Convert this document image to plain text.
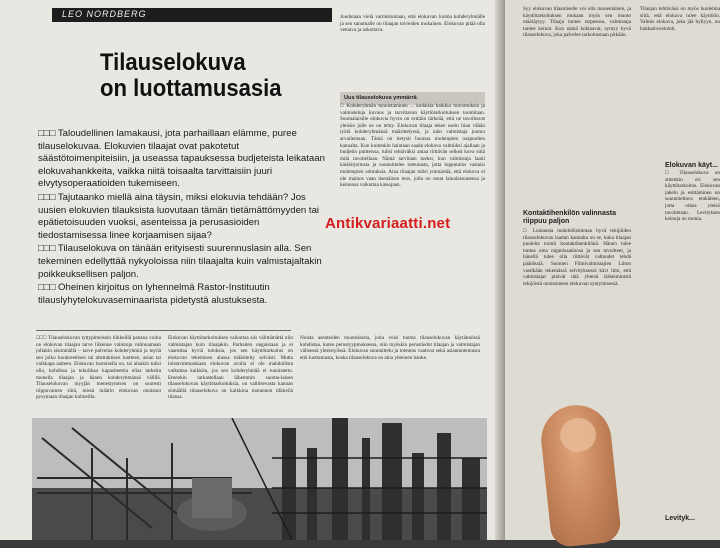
LEO NORDBERG
Tilauselokuva
on luottamusasia

□□□ Taloudellinen lamakausi, jota parhaillaan elämme, puree tilauselokuvaa. Elokuvien tilaajat ovat pakotetut säästötoimenpiteisiin, ja useassa tapauksessa budjeteista leikataan elokuvahankkeita, vaikka niitä toisaalta tarvittaisiin juuri elvytysoperaatioiden tukemiseen.

□□□ Tajutaanko miellä aina täysin, miksi elokuvia tehdään? Jos uusien elokuvien tilauksista luovutaan tämän tietämättömyyden tai epätietoisuuden vuoksi, asenteissa ja perusasioiden tiedostamisessa linee korjaamisen sijaa?

□□□ Tilauselokuva on tänään erityisesti suurennuslasin alla. Sen tekeminen edellyttää nykyoloissa niin tilaajalta kuin valmistajaltakin poikkeuksellisen paljon.

□□□ Oheinen kirjoitus on lyhennelmä Rastor-Instituutin tilauslyhytelokuvaseminaarista pidetystä alustuksesta.

Joudutaan vielä varmistumaan, että elokuvan luoma kohderyhmälle ja sen sanomalle on tilaajan toiveiden mukainen. Elokuvan pitää olla vetoava ja uskottava.

Uus tilauselokuva ymmärrä

□ Kohderyhmän tunnistaminen ... kodaisia kaikkia toivomuksia ja valmisteluja kuvaus ja tarvittavan käyttötarkoituksen tuomitaan. Suomalaisille elokuvia hyvin on erittäin tärkeää, että ne tavoittavat yleisön jolle ne on tehty. Elokuvan tilaaja tekee usein liian vähän työtä kohderyhmänsä määrittelyssä, ja näin valmistaja joutuu arvailemaan. Tämä on tietysti huonoa molempien osapuolten kannalta. Kun kuitenkin halutaan saada elokuva valmiiksi ajallaan ja budjetin puitteissa, tulisi tehtäväksi antaa riittävän selkeä kuva siitä mitä tavoitellaan. Nämä tarvitaan tueksi, kun valmistaja laatii käsikirjoitusta ja suunnittelee toteutusta, jotta lopputulos vastaisi molempien odotuksia. Aina tilaajan tulisi ymmärtää, että elokuva ei ole mainos vaan itsenäinen teos, jolla on omat lainalaisuutensa ja keinonsa vaikuttaa katsojaan.

□□□ Tilauselokuvan tyttypimeissin liikkeillä panana voitia on elokuvan tilaajan tarve liikenne valintoja valinnamaan jollakin sisimmällä – tarve palvelua kohderyhmiä ja myöä sen jolko konkreettisen tai abstraktisen tuotteen, asian tai vaikkapa aatteen. Elokuvan luomisella on, tai ainakin tulisi olla, kohdissa ja tekniikan kapasiteettia elias tarkeita monella tilaajan ja hänen kohderyhmänsä välillä. Tilauselokuvan myyjän menestymisen on suuresti riippuvainen siitä, missä määrin elokuvan onnistuu pysymaan tilaajan kulmeilla.

Elokuvan käyttötarkoituksen vaikuttaa siis välittämättä niin valmistajan kuin tilaajakin. Parhaiten ongaistaan ja ei vaaruttaa hyviä tuloksia, jos sen käyttötarkoitus on elokuvan tekemisen alussa määritelty selvästi. Mutta loistavimmankaan elokuvan avulla ei ole mahdollista vaikuttaa kaikkiin, jos sen kohderyhmää ei tunnistettu. Emenkin tarkastellaan lähemmin suoma-laisen tilauselokuvan käyttötarkoituksia, on vallitsevasta kannan sömääliä tilauselokuva on kaikkina tuotannon tilkkeilä tilansa.

Noista asenteiden muutoksista, joita voisi tuoma tilauselokuvan käytännössä kohdistaa, kuten perustyypmoksessa, niin myöskin perustiedot tilaajan ja valmistajan välisessä yhteistyössä. Elokuvan suunnittelu ja toteutus vaativat sekä asiantuntemusta että luottamusta, koska tilauselokuva on aina yhteinen hanke.

Antikvariaatti.net

Syy elokuvan tilaamiselle voi olla monenlainen, ja käyttötarkoituksen mukaan myös sen muoto määräytyy. Tilaaja tuntee tarpeensa, valmistaja tuntee keinot. Kun nämä kohtaavat, syntyy hyvä tilauselokuva, joka palvelee tarkoitustaan pitkään.

Kontaktihenkilön valinnasta riippuu paljon

□ Luotausta mahdollisimman hyvä tekijöiden tilauselokuvan laadun kannalta on se, kuka tilaajan puolelta toimii kontaktihenkilönä. Hänen tulee tuntea oma organisaationsa ja sen tavoitteet, ja hänellä tulee olla riittävät valtuudet tehdä päätöksiä. Suomen Filmivalmistajien Liiton vastikään tekemässä selvityksessä kävi ilmi, että valmistajat pitävät tätä yhtenä tärkeimmistä tekijöistä onnistuneen elokuvan syntymisessä.

Tilaajan tehtävänä on myös huolehtia siitä, että elokuva tulee käyttöön. Valmis elokuva, joka jää hyllyyn, on hukkainvestointi.

Elokuvan käyt...

□ Tilauselokuva on sittenkin eri sen käyttötarkoitus. Elokuvan jakelu ja esittäminen on suunniteltava etukäteen, jotta oikea yleisö tavoitetaan. Levityksen keinoja on monia.

Levityk...
